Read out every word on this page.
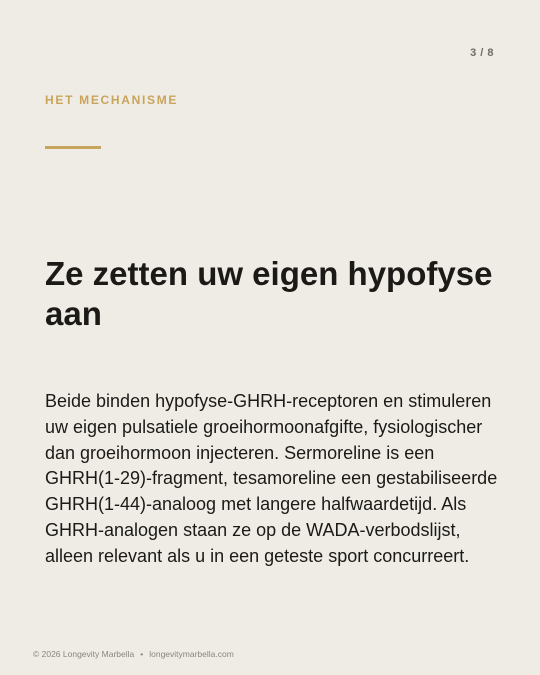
3 / 8
HET MECHANISME
Ze zetten uw eigen hypofyse aan

Beide binden hypofyse-GHRH-receptoren en stimuleren uw eigen pulsatiele groeihormoonafgifte, fysiologischer dan groeihormoon injecteren. Sermoreline is een GHRH(1-29)-fragment, tesamoreline een gestabiliseerde GHRH(1-44)-analoog met langere halfwaardetijd. Als GHRH-analogen staan ze op de WADA-verbodslijst, alleen relevant als u in een geteste sport concurreert.

© 2026 Longevity Marbella • longevitymarbella.com
